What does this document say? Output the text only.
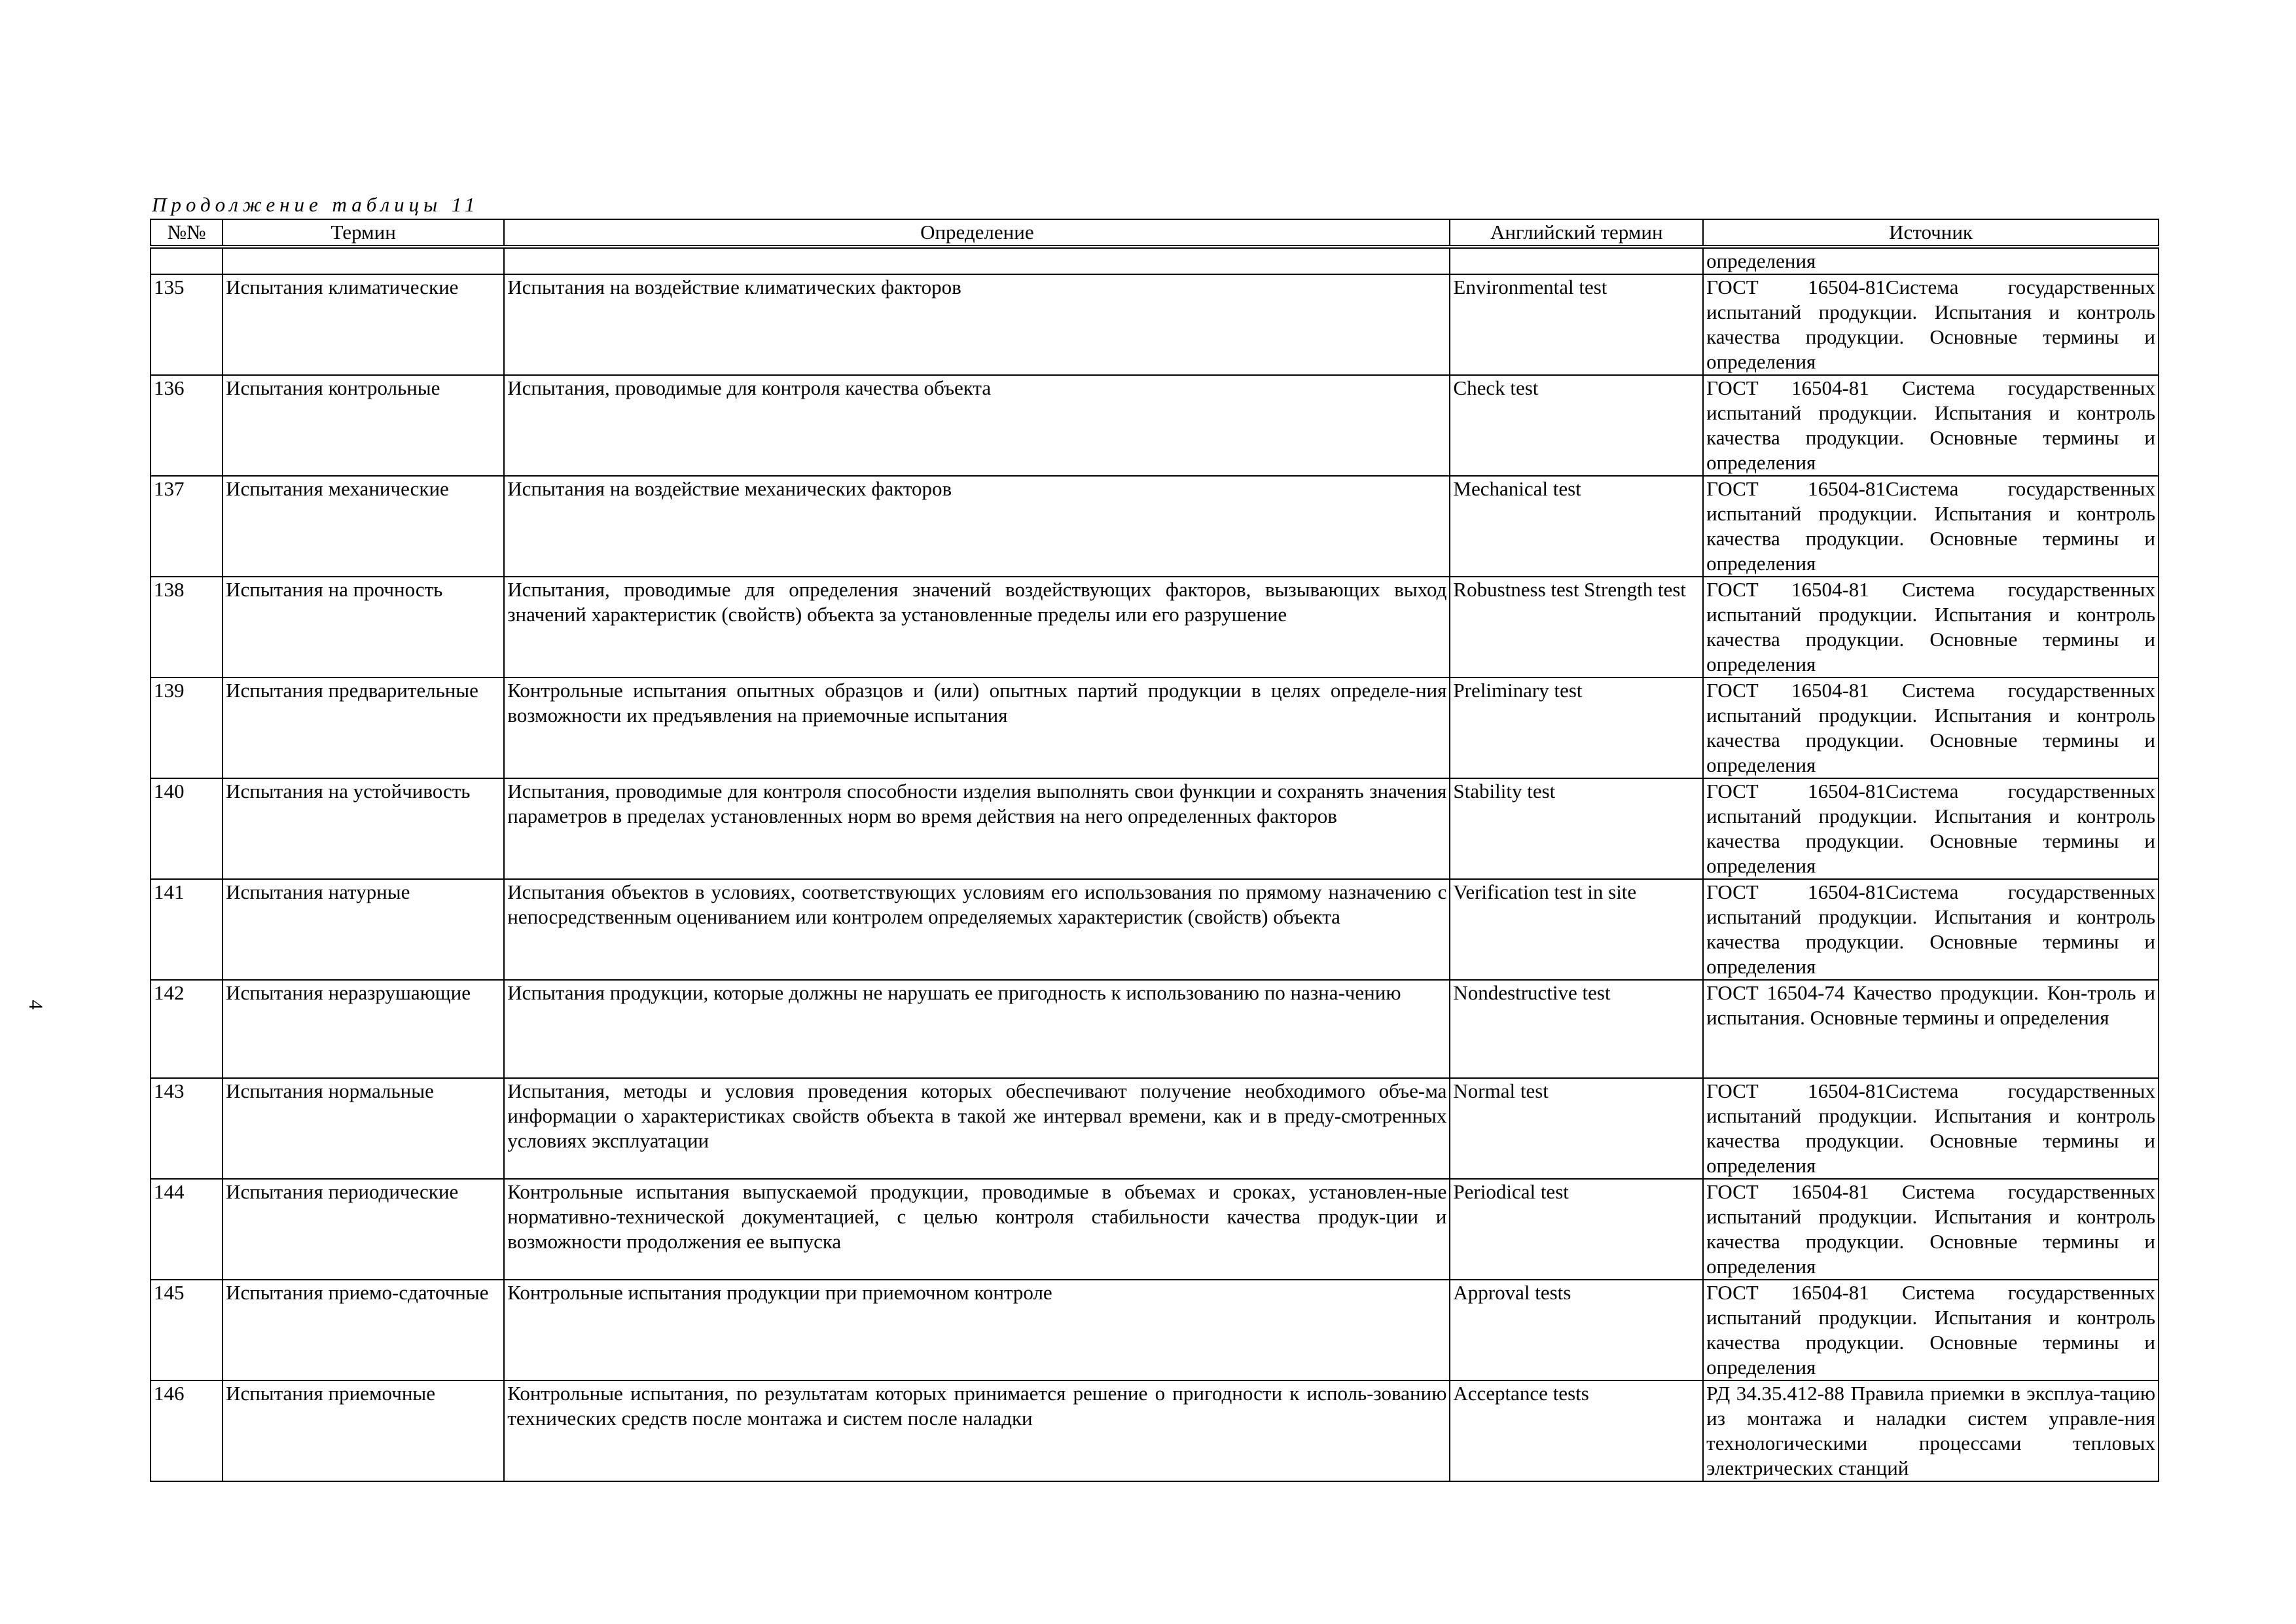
4
Продолжение таблицы 11
№№	Термин	Определение	Английский термин	Источник
				определения
135	Испытания климатические	Испытания на воздействие климатических факторов	Environmental test	ГОСТ 16504-81Система государственных испытаний продукции. Испытания и контроль качества продукции. Основные термины и определения
136	Испытания контрольные	Испытания, проводимые для контроля качества объекта	Check test	ГОСТ 16504-81 Система государственных испытаний продукции. Испытания и контроль качества продукции. Основные термины и определения
137	Испытания механические	Испытания на воздействие механических факторов	Mechanical test	ГОСТ 16504-81Система государственных испытаний продукции. Испытания и контроль качества продукции. Основные термины и определения
138	Испытания на прочность	Испытания, проводимые для определения значений воздействующих факторов, вызывающих выход значений характеристик (свойств) объекта за установленные пределы или его разрушение	Robustness test Strength test	ГОСТ 16504-81 Система государственных испытаний продукции. Испытания и контроль качества продукции. Основные термины и определения
139	Испытания предварительные	Контрольные испытания опытных образцов и (или) опытных партий продукции в целях определе-ния возможности их предъявления на приемочные испытания	Preliminary test	ГОСТ 16504-81 Система государственных испытаний продукции. Испытания и контроль качества продукции. Основные термины и определения
140	Испытания на устойчивость	Испытания, проводимые для контроля способности изделия выполнять свои функции и сохранять значения параметров в пределах установленных норм во время действия на него определенных факторов	Stability test	ГОСТ 16504-81Система государственных испытаний продукции. Испытания и контроль качества продукции. Основные термины и определения
141	Испытания натурные	Испытания объектов в условиях, соответствующих условиям его использования по прямому назначению с непосредственным оцениванием или контролем определяемых характеристик (свойств) объекта	Verification test in site	ГОСТ 16504-81Система государственных испытаний продукции. Испытания и контроль качества продукции. Основные термины и определения
142	Испытания неразрушающие	Испытания продукции, которые должны не нарушать ее пригодность к использованию по назна-чению	Nondestructive test	ГОСТ 16504-74 Качество продукции. Кон-троль и испытания. Основные термины и определения
143	Испытания нормальные	Испытания, методы и условия проведения которых обеспечивают получение необходимого объе-ма информации о характеристиках свойств объекта в такой же интервал времени, как и в преду-смотренных условиях эксплуатации	Normal test	ГОСТ 16504-81Система государственных испытаний продукции. Испытания и контроль качества продукции. Основные термины и определения
144	Испытания периодические	Контрольные испытания выпускаемой продукции, проводимые в объемах и сроках, установлен-ные нормативно-технической документацией, с целью контроля стабильности качества продук-ции и возможности продолжения ее выпуска	Periodical test	ГОСТ 16504-81 Система государственных испытаний продукции. Испытания и контроль качества продукции. Основные термины и определения
145	Испытания приемо-сдаточные	Контрольные испытания продукции при приемочном контроле	Approval tests	ГОСТ 16504-81 Система государственных испытаний продукции. Испытания и контроль качества продукции. Основные термины и определения
146	Испытания приемочные	Контрольные испытания, по результатам которых принимается решение о пригодности к исполь-зованию технических средств после монтажа и систем после наладки	Acceptance tests	РД 34.35.412-88 Правила приемки в эксплуа-тацию из монтажа и наладки систем управле-ния технологическими процессами тепловых электрических станций
